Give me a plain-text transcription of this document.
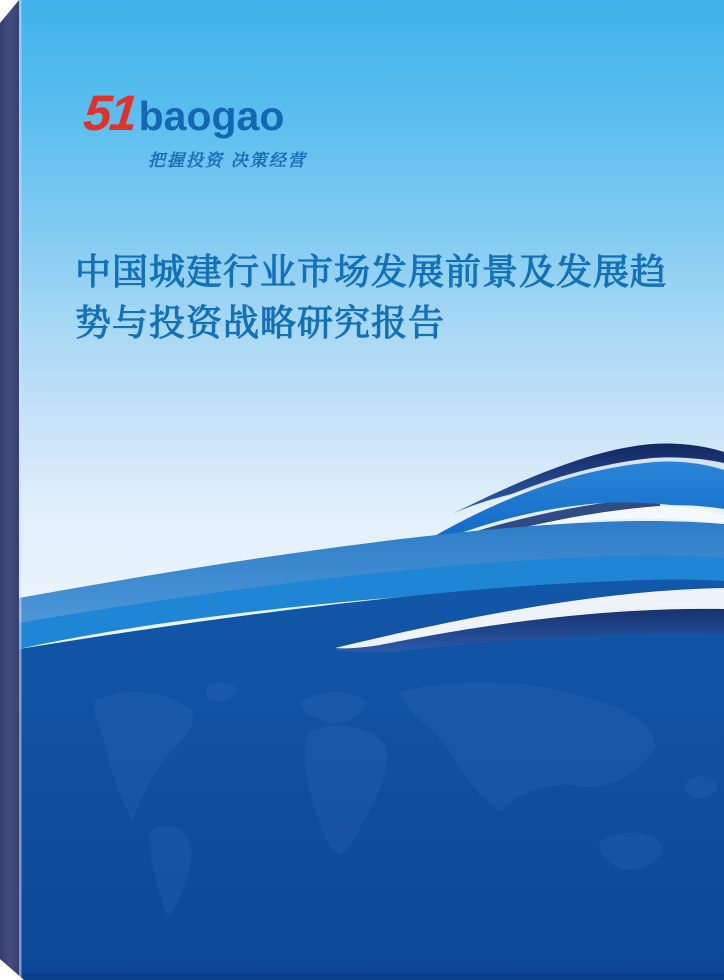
51 baogao
把握投资 决策经营
中国城建行业市场发展前景及发展趋
势与投资战略研究报告
